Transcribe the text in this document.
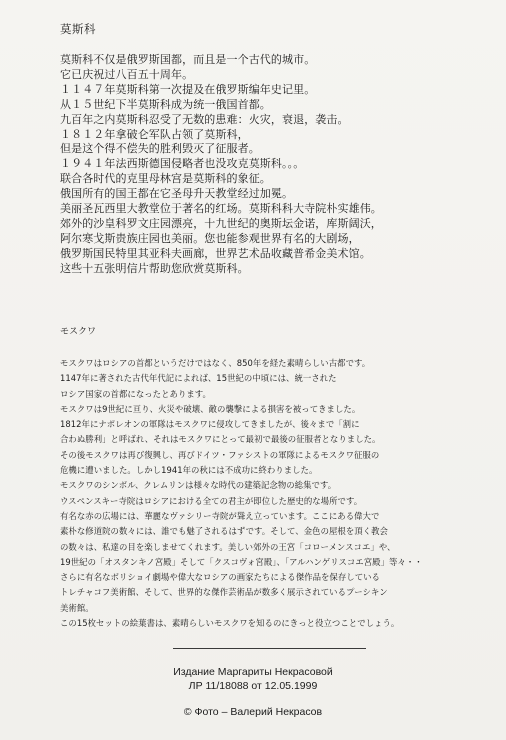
莫斯科
莫斯科不仅是俄罗斯国都，而且是一个古代的城市。
它已庆祝过八百五十周年。
１１４７年莫斯科第一次提及在俄罗斯编年史记里。
从１５世纪下半莫斯科成为统一俄国首都。
九百年之内莫斯科忍受了无数的患难：火灾，衰退，袭击。
１８１２年拿破仑军队占领了莫斯科，
但是这个得不偿失的胜利毁灭了征服者。
１９４１年法西斯德国侵略者也没攻克莫斯科。。。
联合各时代的克里母林宫是莫斯科的象征。
俄国所有的国王都在它圣母升天教堂经过加冕。
美丽圣瓦西里大教堂位于著名的红场。莫斯科科大寺院朴实雄伟。
郊外的沙皇科罗文庄园漂亮，十九世纪的奥斯坛金诺，库斯阔沃，
阿尔寒戈斯贵族庄园也美丽。您也能参观世界有名的大剧场，
俄罗斯国民特里其亚科夫画廊，世界艺术品收藏普希金美术馆。
这些十五张明信片帮助您欣赏莫斯科。
モスクワ
モスクワはロシアの首都というだけではなく、850年を経た素晴らしい古都です。
1147年に著された古代年代記によれば、15世紀の中頃には、統一された
ロシア国家の首都になったとあります。
モスクワは9世紀に亘り、火災や破壊、敵の襲撃による損害を被ってきました。
1812年にナポレオンの軍隊はモスクワに侵攻してきましたが、後々まで「割に
合わぬ勝利」と呼ばれ、それはモスクワにとって最初で最後の征服者となりました。
その後モスクワは再び復興し、再びドイツ・ファシストの軍隊によるモスクワ征服の
危機に遭いました。しかし1941年の秋には不成功に終わりました。
モスクワのシンボル、クレムリンは様々な時代の建築記念物の総集です。
ウスペンスキー寺院はロシアにおける全ての君主が即位した歴史的な場所です。
有名な赤の広場には、華麗なヴァシリー寺院が聳え立っています。ここにある偉大で
素朴な修道院の数々には、誰でも魅了されるはずです。そして、金色の屋根を頂く教会
の数々は、私達の目を楽しませてくれます。美しい郊外の王宮「コローメンスコエ」や、
19世紀の「オスタンキノ宮殿」そして「クスコヴォ宮殿」、「アルハンゲリスコエ宮殿」等々・・
さらに有名なボリショイ劇場や偉大なロシアの画家たちによる傑作品を保存している
トレチャコフ美術館、そして、世界的な傑作芸術品が数多く展示されているプーシキン
美術館。
この15枚セットの絵葉書は、素晴らしいモスクワを知るのにきっと役立つことでしょう。
Издание Маргариты Некрасовой
ЛР 11/18088 от 12.05.1999
© Фото – Валерий Некрасов
